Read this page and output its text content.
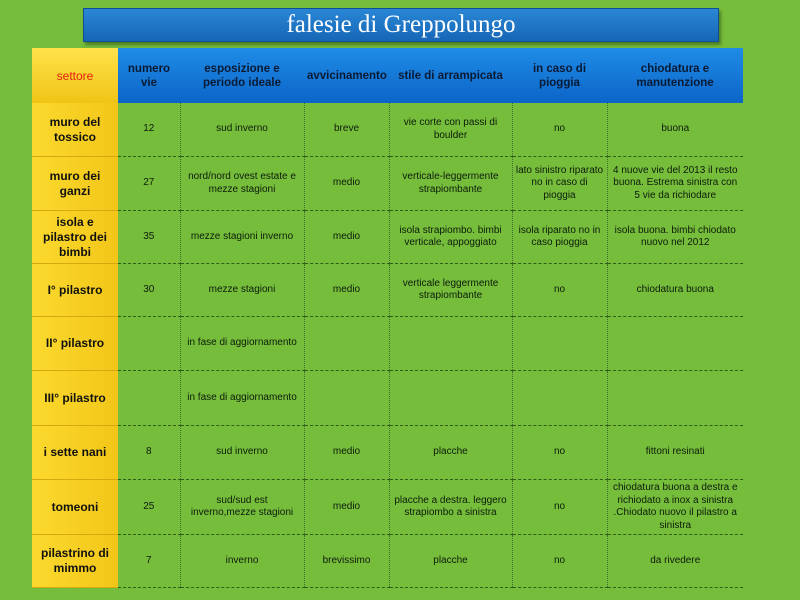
falesie di Greppolungo
settore	numero vie	esposizione e periodo ideale	avvicinamento	stile di arrampicata	in caso di pioggia	chiodatura e manutenzione
muro del tossico	12	sud inverno	breve	vie corte con passi di boulder	no	buona
muro dei ganzi	27	nord/nord ovest estate e mezze stagioni	medio	verticale-leggermente strapiombante	lato sinistro riparato no in caso di pioggia	4 nuove vie del 2013 il resto buona. Estrema sinistra con 5 vie da richiodare
isola e pilastro dei bimbi	35	mezze stagioni inverno	medio	isola strapiombo. bimbi verticale, appoggiato	isola riparato no in caso pioggia	isola buona. bimbi chiodato nuovo nel 2012
I° pilastro	30	mezze stagioni	medio	verticale leggermente strapiombante	no	chiodatura buona
II° pilastro		in fase di aggiornamento				
III° pilastro		in fase di aggiornamento				
i sette nani	8	sud inverno	medio	placche	no	fittoni resinati
tomeoni	25	sud/sud est inverno,mezze stagioni	medio	placche a destra. leggero strapiombo a sinistra	no	chiodatura buona a destra e richiodato a inox a sinistra .Chiodato nuovo il pilastro a sinistra
pilastrino di mimmo	7	inverno	brevissimo	placche	no	da rivedere
